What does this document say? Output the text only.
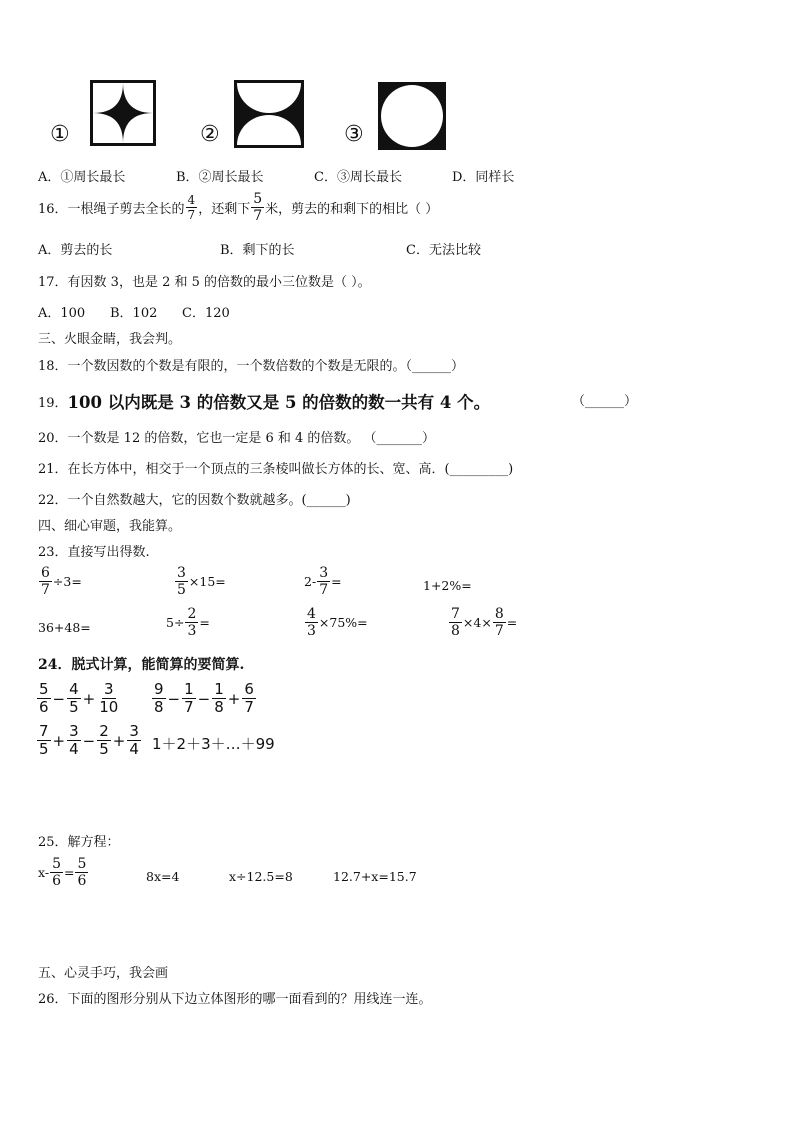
①	②	③
A．①周长最长	B．②周长最长	C．③周长最长	D．同样长
16．一根绳子剪去全长的 $\frac{4}{7}$ ，还剩下 $\frac{5}{7}$ 米，剪去的和剩下的相比（ ）
A．剪去的长	B．剩下的长	C．无法比较
17．有因数 3，也是 2 和 5 的倍数的最小三位数是（ ）。
A．100	B．102	C．120
三、火眼金睛，我会判。
18．一个数因数的个数是有限的，一个数倍数的个数是无限的。（______）
19． 100 以内既是 3 的倍数又是 5 的倍数的数一共有 4 个。	（______）
20．一个数是 12 的倍数，它也一定是 6 和 4 的倍数。 （_______）
21．在长方体中，相交于一个顶点的三条棱叫做长方体的长、宽、高．(_________)
22．一个自然数越大，它的因数个数就越多。(______)
四、细心审题，我能算。
23．直接写出得数.
$\frac{6}{7} \div 3=$	$\frac{3}{5} \times 15=$	$2- \frac{3}{7}$ =	1+2%=
36+48=	$5\div \frac{2}{3}$ =	$\frac{4}{3} \times 75\%=$	$\frac{7}{8} \times 4\times \frac{8}{7}$ =
24．脱式计算，能简算的要简算.
$\frac{5}{6} - \frac{4}{5} + \frac{3}{10} \frac{9}{8} - \frac{1}{7} - \frac{1}{8} + \frac{6}{7}$
$\frac{7}{5} + \frac{3}{4} - \frac{2}{5} + \frac{3}{4}$ 1＋2＋3＋…＋99
25．解方程：
$x- \frac{5}{6} = \frac{5}{6}$	8x=4	x÷12.5=8	12.7+x=15.7
五、心灵手巧，我会画
26．下面的图形分别从下边立体图形的哪一面看到的？用线连一连。
